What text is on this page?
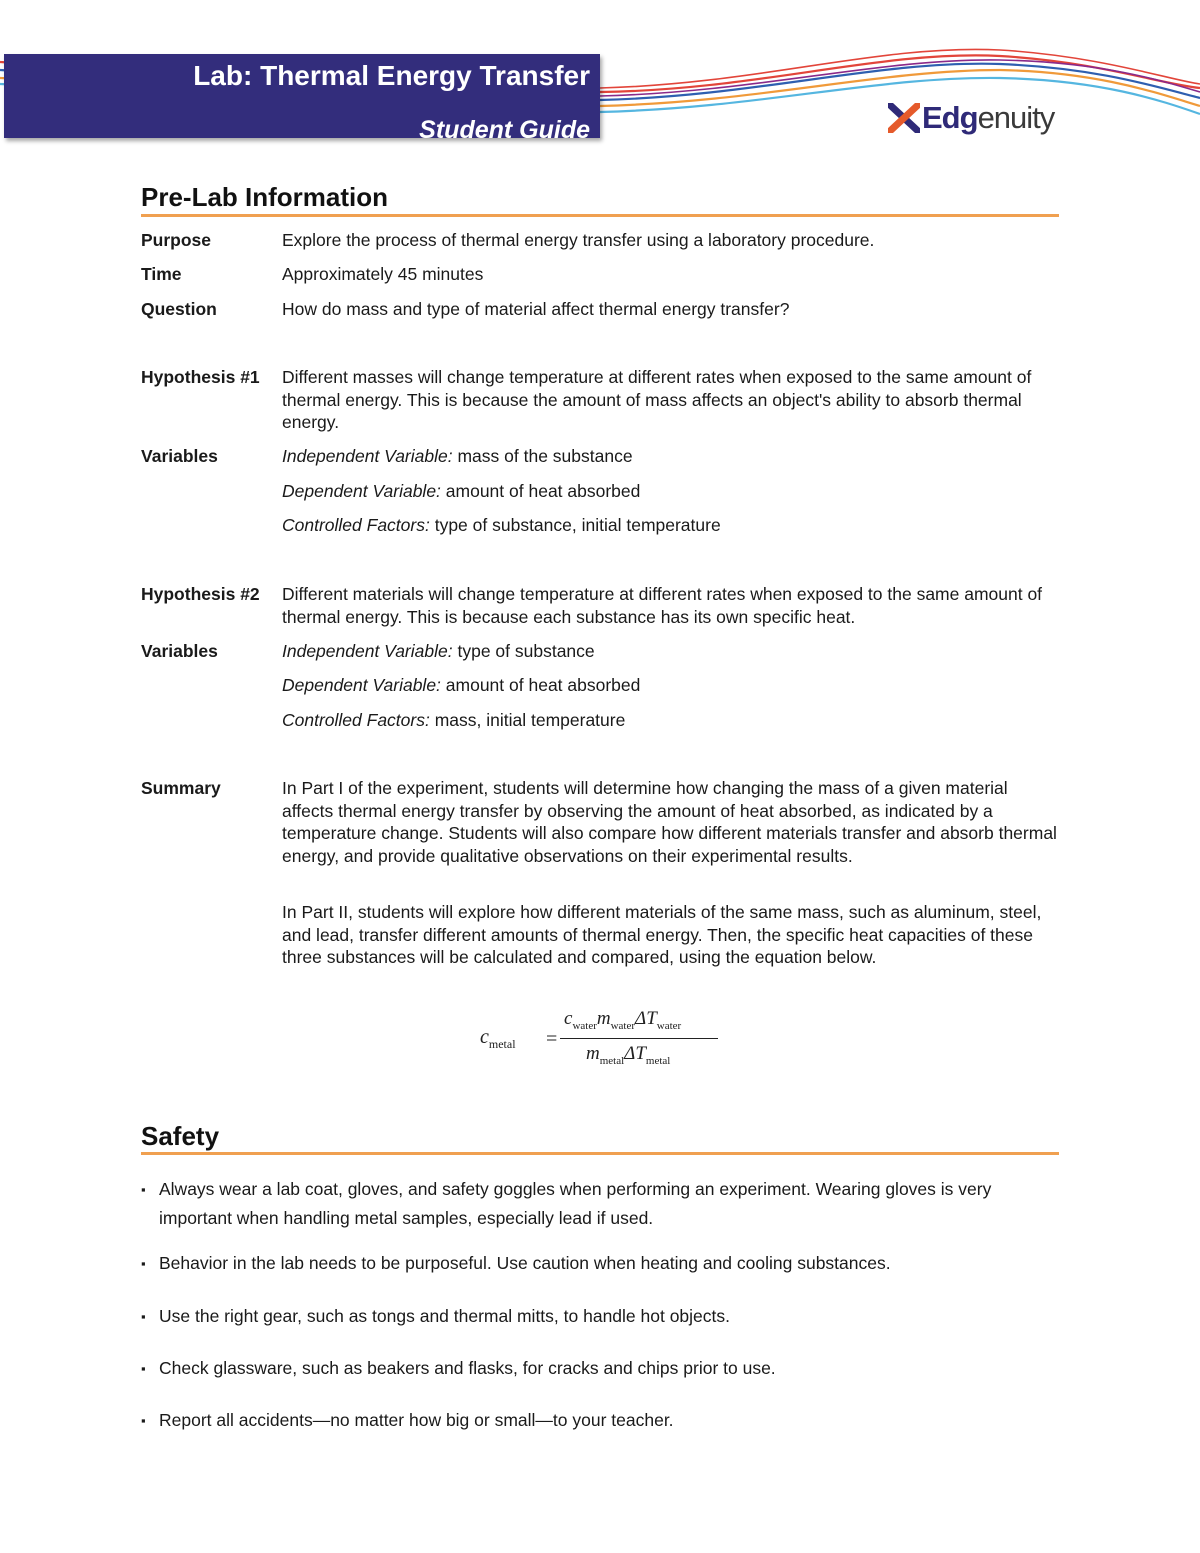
Lab: Thermal Energy Transfer
Student Guide	Edgenuity
Pre-Lab Information
Purpose	Explore the process of thermal energy transfer using a laboratory procedure.
Time	Approximately 45 minutes
Question	How do mass and type of material affect thermal energy transfer?
Hypothesis #1	Different masses will change temperature at different rates when exposed to the same amount of thermal energy. This is because the amount of mass affects an object's ability to absorb thermal energy.
Variables	Independent Variable: mass of the substance
Dependent Variable: amount of heat absorbed
Controlled Factors: type of substance, initial temperature
Hypothesis #2	Different materials will change temperature at different rates when exposed to the same amount of thermal energy. This is because each substance has its own specific heat.
Variables	Independent Variable: type of substance
Dependent Variable: amount of heat absorbed
Controlled Factors: mass, initial temperature
Summary	In Part I of the experiment, students will determine how changing the mass of a given material affects thermal energy transfer by observing the amount of heat absorbed, as indicated by a temperature change. Students will also compare how different materials transfer and absorb thermal energy, and provide qualitative observations on their experimental results.
In Part II, students will explore how different materials of the same mass, such as aluminum, steel, and lead, transfer different amounts of thermal energy. Then, the specific heat capacities of these three substances will be calculated and compared, using the equation below.
$c_{metal}$ =
$c_{water}m_{water}\Delta T_{water}$
$m_{metal}\Delta T_{metal}$
Safety
▪ Always wear a lab coat, gloves, and safety goggles when performing an experiment. Wearing gloves is very important when handling metal samples, especially lead if used.
▪ Behavior in the lab needs to be purposeful. Use caution when heating and cooling substances.
▪ Use the right gear, such as tongs and thermal mitts, to handle hot objects.
▪ Check glassware, such as beakers and flasks, for cracks and chips prior to use.
▪ Report all accidents—no matter how big or small—to your teacher.
